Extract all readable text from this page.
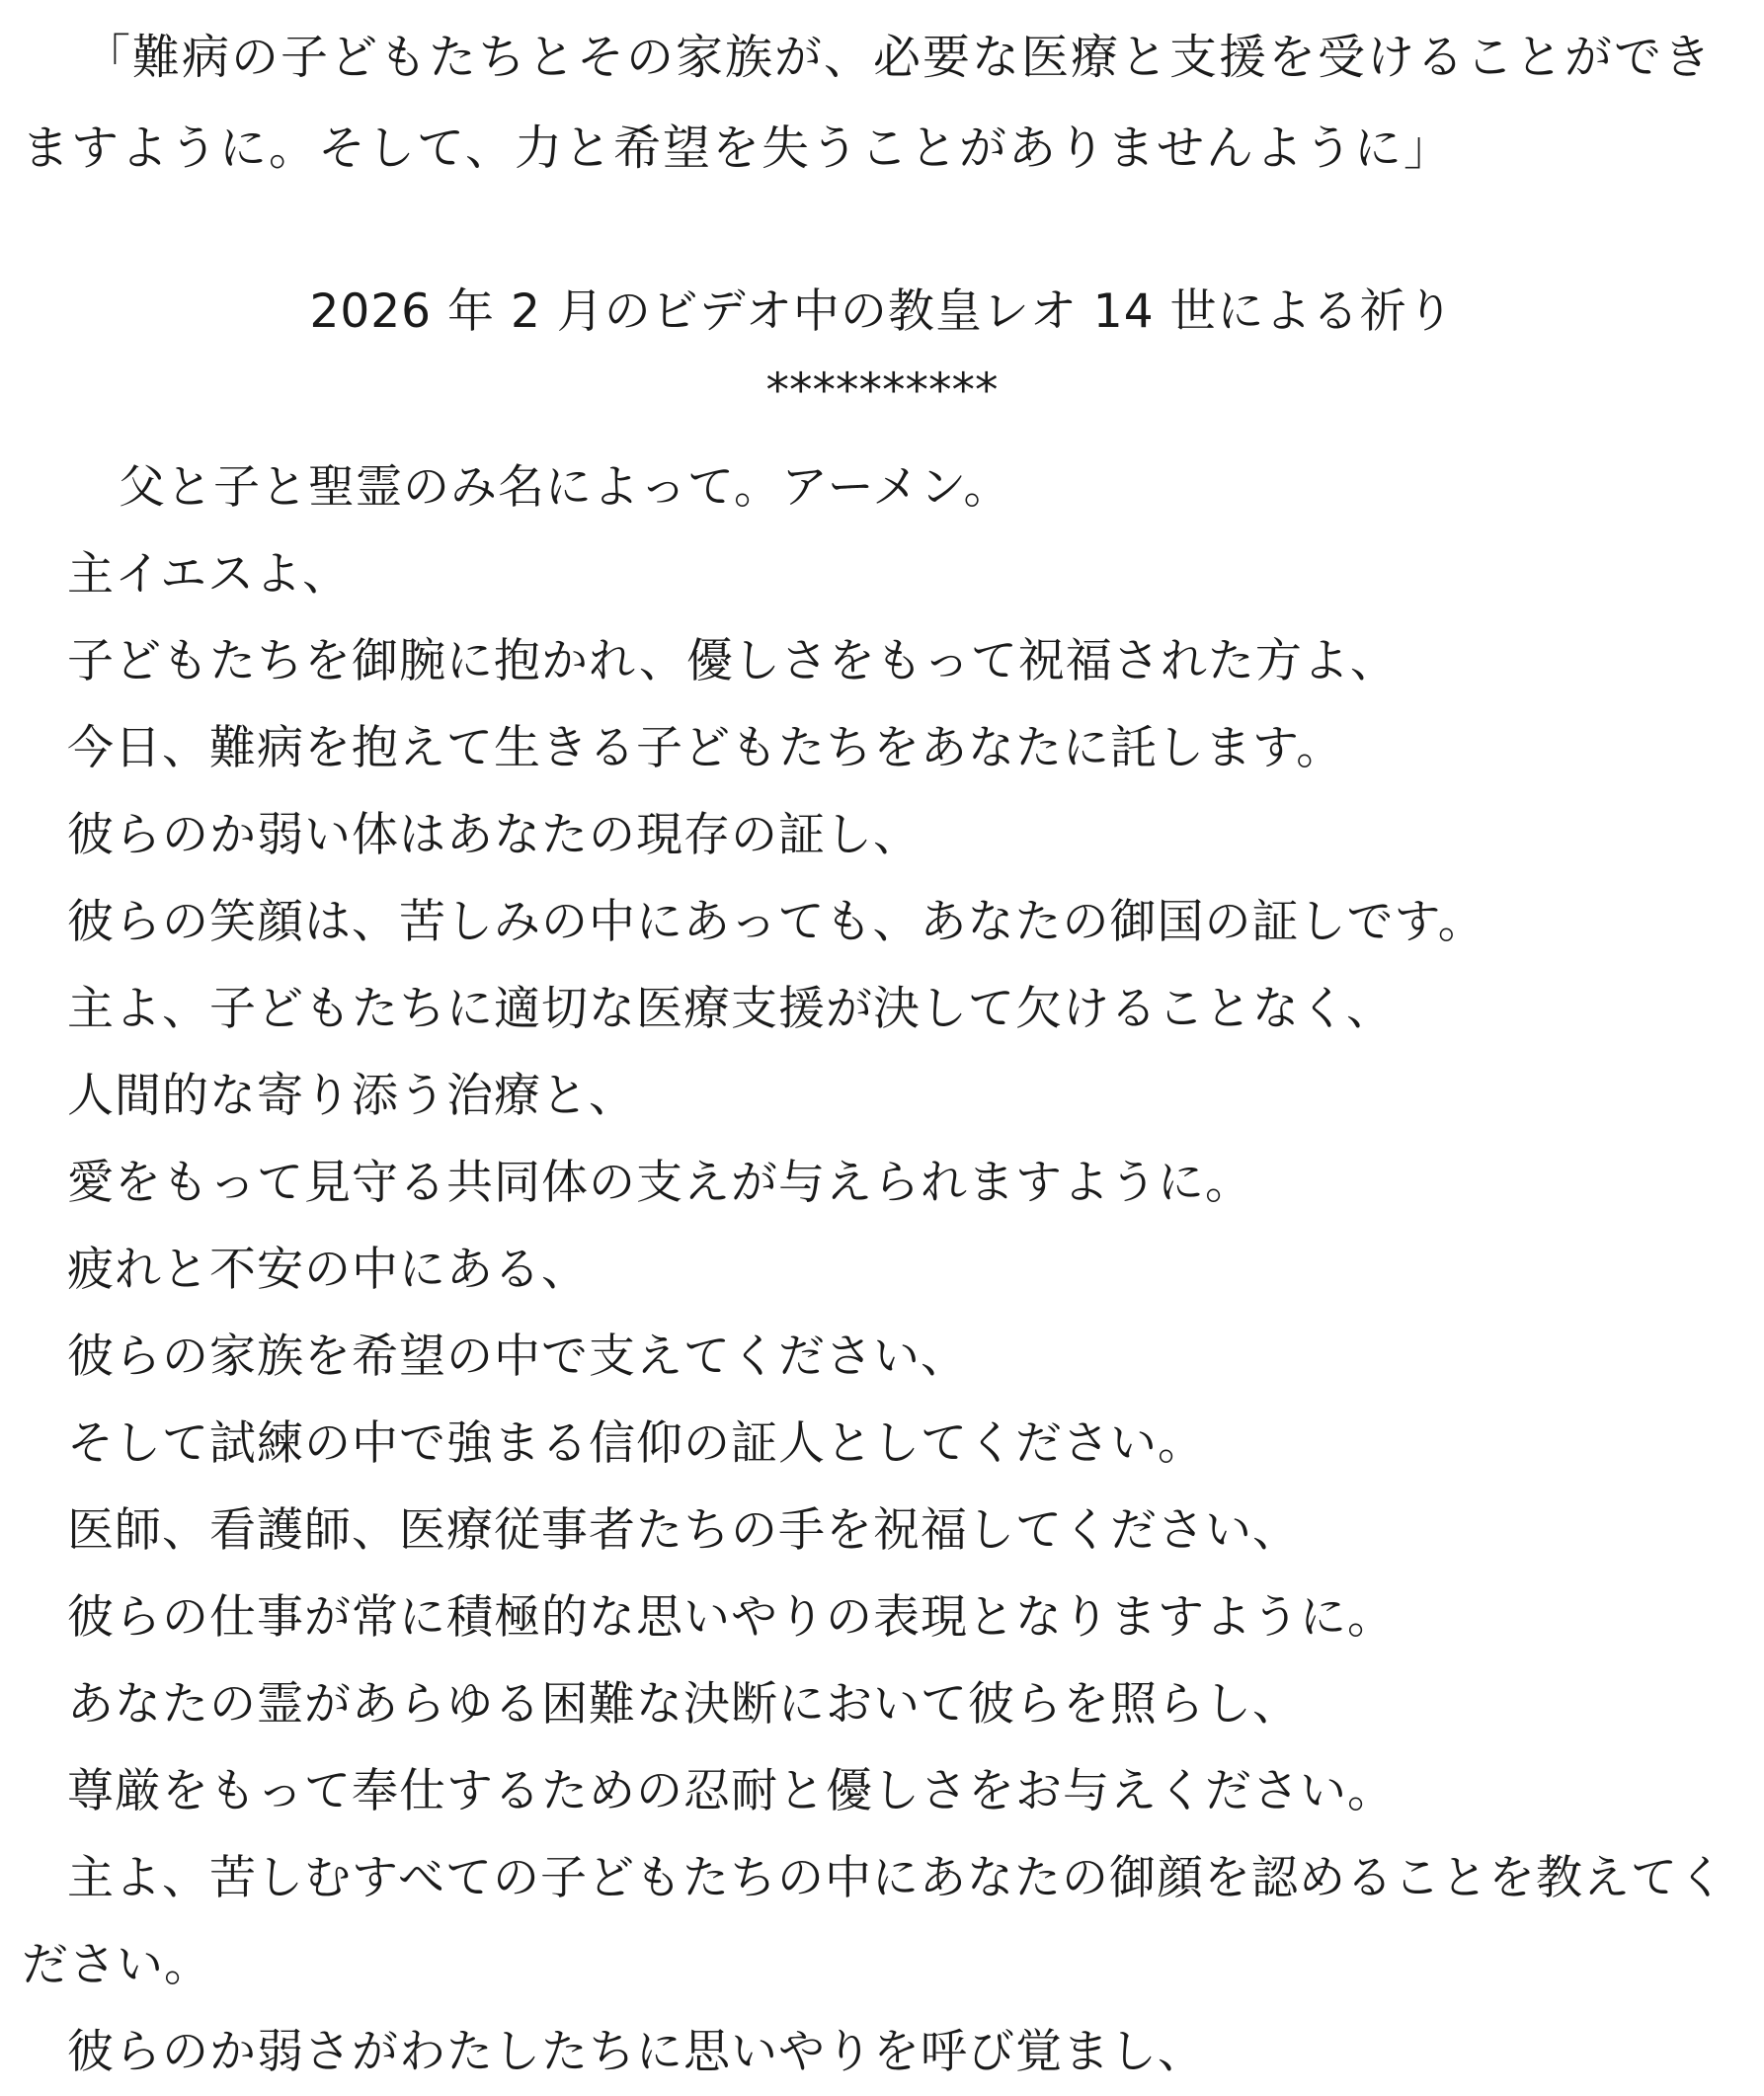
「難病の子どもたちとその家族が、必要な医療と支援を受けることができますように。そして、力と希望を失うことがありませんように」

2026 年 2 月のビデオ中の教皇レオ 14 世による祈り

**********

父と子と聖霊のみ名によって。アーメン。
主イエスよ、
子どもたちを御腕に抱かれ、優しさをもって祝福された方よ、
今日、難病を抱えて生きる子どもたちをあなたに託します。
彼らのか弱い体はあなたの現存の証し、
彼らの笑顔は、苦しみの中にあっても、あなたの御国の証しです。
主よ、子どもたちに適切な医療支援が決して欠けることなく、
人間的な寄り添う治療と、
愛をもって見守る共同体の支えが与えられますように。
疲れと不安の中にある、
彼らの家族を希望の中で支えてください、
そして試練の中で強まる信仰の証人としてください。
医師、看護師、医療従事者たちの手を祝福してください、
彼らの仕事が常に積極的な思いやりの表現となりますように。
あなたの霊があらゆる困難な決断において彼らを照らし、
尊厳をもって奉仕するための忍耐と優しさをお与えください。
主よ、苦しむすべての子どもたちの中にあなたの御顔を認めることを教えてください。
彼らのか弱さがわたしたちに思いやりを呼び覚まし、
